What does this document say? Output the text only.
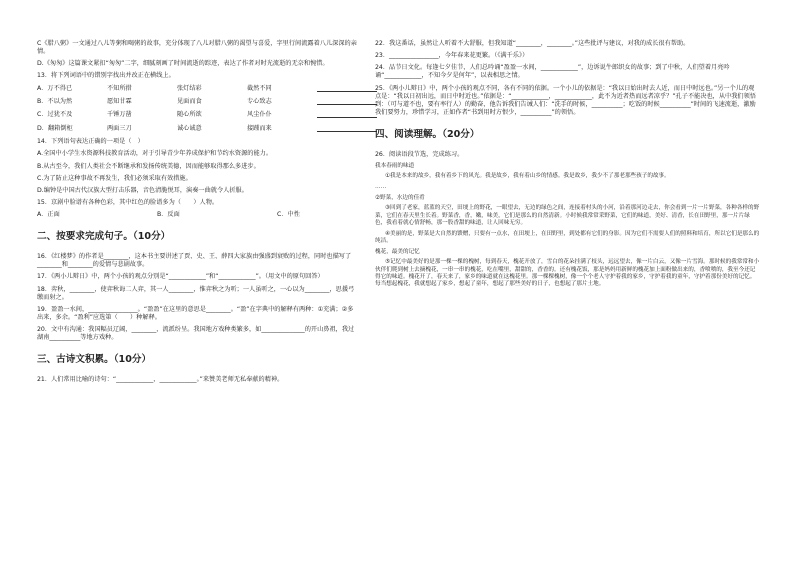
C《腊八粥》一文通过八儿等粥和喝粥的故事，充分体现了八儿对腊八粥的渴望与喜爱，字里行间流露着八儿深深的亲情。

D.《匆匆》这篇课文紧扣“匆匆”二字，细腻刻画了时间流逝的踪迹，表达了作者对时光流逝的无奈和惋惜。

13．将下列词语中的错别字找出并改正在横线上。

A．万不得已	不知所措	张灯结彩	截然不同
B．不以为然	愿知甘霖	见面而食	专心致志
C．过犹不及	千锤万凿	随心所欲	风尘仆仆
D．翻箱倒柜	两面三刀	诚心诚意	接踵而来

14．下列语句表达正确的一项是（　）

A.全国中小学生水资源科技教育活动，对于引导青少年养成保护和节约水资源的能力。

B.从古至今，我们人类社会不断继承和发扬传统美德，因而能够取得那么多进步。

C.为了防止这种事故不再发生，我们必须采取有效措施。

D.编钟是中国古代汉族大型打击乐器，音色清脆悦耳，演奏一曲就令人折服。

15．京剧中脸谱有各种色彩，其中红色的脸谱多为（　　）人物。

A．正面	B．反面	C．中性
二、按要求完成句子。（10分）

16．《红楼梦》的作者是________，这本书主要讲述了贾、史、王、薛四大家族由强盛到衰败的过程，同时也描写了________和________的爱情与悲剧故事。

17．《两小儿辩日》中，两个小孩的观点分别是“____________”和“____________”。（用文中的原句回答）

18．弈秋，________，使弈秋诲二人弈，其一人________，惟弈秋之为听；一人虽听之，一心以为________，思援弓缴而射之。

19．盈盈一水间，________________。“盈盈”在这里的意思是________。“盈”在字典中的解释有两种：①充满；②多出来，多余。“盈利”应选第（　　）种解释。

20．文中有沟通：我国幅员辽阔，________，流派纷呈。我国地方戏种类繁多，如______________的开山鼻祖，我过湖南__________等地方戏种。

三、古诗文积累。（10分）

21．人们常用比喻的诗句：“____________，____________。”来赞美老师无私奉献的精神。

22．我这番话，虽然让人听着不大舒服，但我知道“________，________。”这些批评与建议，对我的成长很有帮助。

23．________________，今年春来花更繁。（《满千乐》）

24．品节日文化。每逢七夕佳节，人们总吟诵“盈盈一水间，____________”，边诉说牛郎织女的故事；到了中秋，人们望着月亮吟诵“____________，不知今夕是何年”，以表相思之情。

25．《两小儿辩日》中，两个小孩的观点不同，各有不同的依据。一个小儿的依据是：“我以日始出时去人近，而日中时远也。”另一个儿的观点是：“我以日初出远，而日中时近也。”依据是：“____________，____________，此不为近者热而远者凉乎？”孔子不能决也，从中我们领悟到：（可与道不也，要有率行人）的勤奋，他告诉我们告诫人们：“洗手的时候，__________；吃饭的时候__________”时间的飞速流逝，激励我们要努力，珍惜学习，正如作者“书到用时方恨少，__________”的领悟。

四、阅读理解。（20分）

26．阅读语段节选，完成练习。

我本春雨的味道

①我是本来的故乡，我有着乡下的风光。我是故乡，我有着山乡的情感。我是故乡，我少不了那老那些孩子的故事。

……

②野菜，水边的佳肴

③回到了老家，蓝蓝的天空，田埂上的野花，一眼望去，无边的绿色之间，连接着村头的小河，沿着那河边走去，你会看到一片一片野菜，各种各样的野菜，它们在春天里生长着。野菜香，香，嫩，味美，它们是那么的自然清新。小时候我常常采野菜，它们的味道，美好、清香，长在田野里，那一片片绿色，我看着就心情舒畅，那一股香甜的味道，让人回味无穷。

④美丽的是，野菜是大自然的馈赠，只要有一点水，在田埂上，在田野里，到处都有它们的身影。因为它们不需要人们的照料和培育，所以它们是那么的纯洁。

槐花，最美的记忆

⑤记忆中最美好的是那一棵一棵的槐树，每到春天，槐花开放了，雪白的花朵挂满了枝头，远远望去，像一片白云，又像一片雪海。那时候的我常常和小伙伴们爬到树上去摘槐花，一串一串的槐花，吃在嘴里，甜甜的，香香的。还有槐花饭，那是妈妈用新鲜的槐花加上面粉做出来的，香喷喷的，我至今还记得它的味道。槐花开了，春天来了，家乡的味道就在这槐花里。那一棵棵槐树，像一个个老人守护着我的家乡，守护着我的童年，守护着那份美好的记忆。每当想起槐花，我就想起了家乡，想起了童年，想起了那些美好的日子，也想起了那片土地。
